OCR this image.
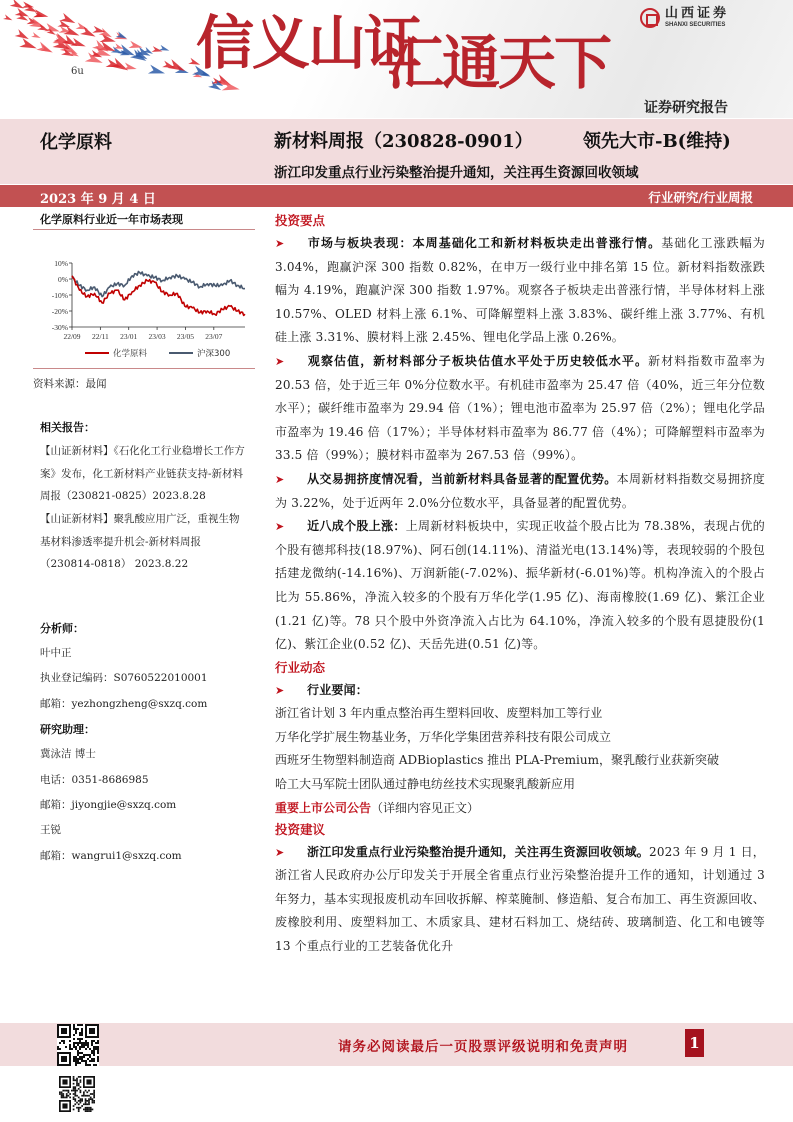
6u 信义山证
汇通天下
山西证券
SHANXI SECURITIES
证券研究报告
化学原料	新材料周报（230828-0901）	领先大市-B(维持)
浙江印发重点行业污染整治提升通知，关注再生资源回收领域
2023 年 9 月 4 日	行业研究/行业周报
化学原料行业近一年市场表现
10%
0%
-10%
-20%
-30%
22/09 22/11 23/01 23/03 23/05 23/07
化学原料	沪深300
资料来源：最闻
相关报告：

【山证新材料】《石化化工行业稳增长工作方案》发布，化工新材料产业链获支持-新材料周报（230821-0825）2023.8.28

【山证新材料】聚乳酸应用广泛，重视生物基材料渗透率提升机会-新材料周报（230814-0818） 2023.8.22

分析师：
叶中正
执业登记编码：S0760522010001
邮箱：yezhongzheng@sxzq.com
研究助理：
冀泳洁 博士
电话：0351-8686985
邮箱：jiyongjie@sxzq.com
王锐
邮箱：wangrui1@sxzq.com
投资要点

➤ 市场与板块表现：本周基础化工和新材料板块走出普涨行情。基础化工涨跌幅为 3.04%，跑赢沪深 300 指数 0.82%，在申万一级行业中排名第 15 位。新材料指数涨跌幅为 4.19%，跑赢沪深 300 指数 1.97%。观察各子板块走出普涨行情，半导体材料上涨 10.57%、OLED 材料上涨 6.1%、可降解塑料上涨 3.83%、碳纤维上涨 3.77%、有机硅上涨 3.31%、膜材料上涨 2.45%、锂电化学品上涨 0.26%。

➤ 观察估值，新材料部分子板块估值水平处于历史较低水平。新材料指数市盈率为 20.53 倍，处于近三年 0%分位数水平。有机硅市盈率为 25.47 倍（40%，近三年分位数水平）；碳纤维市盈率为 29.94 倍（1%）；锂电池市盈率为 25.97 倍（2%）；锂电化学品市盈率为 19.46 倍（17%）；半导体材料市盈率为 86.77 倍（4%）；可降解塑料市盈率为 33.5 倍（99%）；膜材料市盈率为 267.53 倍（99%）。

➤ 从交易拥挤度情况看，当前新材料具备显著的配置优势。本周新材料指数交易拥挤度为 3.22%，处于近两年 2.0%分位数水平，具备显著的配置优势。

➤ 近八成个股上涨：上周新材料板块中，实现正收益个股占比为 78.38%，表现占优的个股有德邦科技(18.97%)、阿石创(14.11%)、清溢光电(13.14%)等，表现较弱的个股包括建龙微纳(-14.16%)、万润新能(-7.02%)、振华新材(-6.01%)等。机构净流入的个股占比为 55.86%，净流入较多的个股有万华化学(1.95 亿)、海南橡胶(1.69 亿)、紫江企业(1.21 亿)等。78 只个股中外资净流入占比为 64.10%，净流入较多的个股有恩捷股份(1 亿)、紫江企业(0.52 亿)、天岳先进(0.51 亿)等。

行业动态

➤ 行业要闻：

浙江省计划 3 年内重点整治再生塑料回收、废塑料加工等行业
万华化学扩展生物基业务，万华化学集团营养科技有限公司成立
西班牙生物塑料制造商 ADBioplastics 推出 PLA-Premium，聚乳酸行业获新突破
哈工大马军院士团队通过静电纺丝技术实现聚乳酸新应用
重要上市公司公告（详细内容见正文）
投资建议

➤ 浙江印发重点行业污染整治提升通知，关注再生资源回收领域。2023 年 9 月 1 日，浙江省人民政府办公厅印发关于开展全省重点行业污染整治提升工作的通知，计划通过 3 年努力，基本实现报废机动车回收拆解、榨菜腌制、修造船、复合布加工、再生资源回收、废橡胶利用、废塑料加工、木质家具、建材石料加工、烧结砖、玻璃制造、化工和电镀等 13 个重点行业的工艺装备优化升

请务必阅读最后一页股票评级说明和免责声明	1
